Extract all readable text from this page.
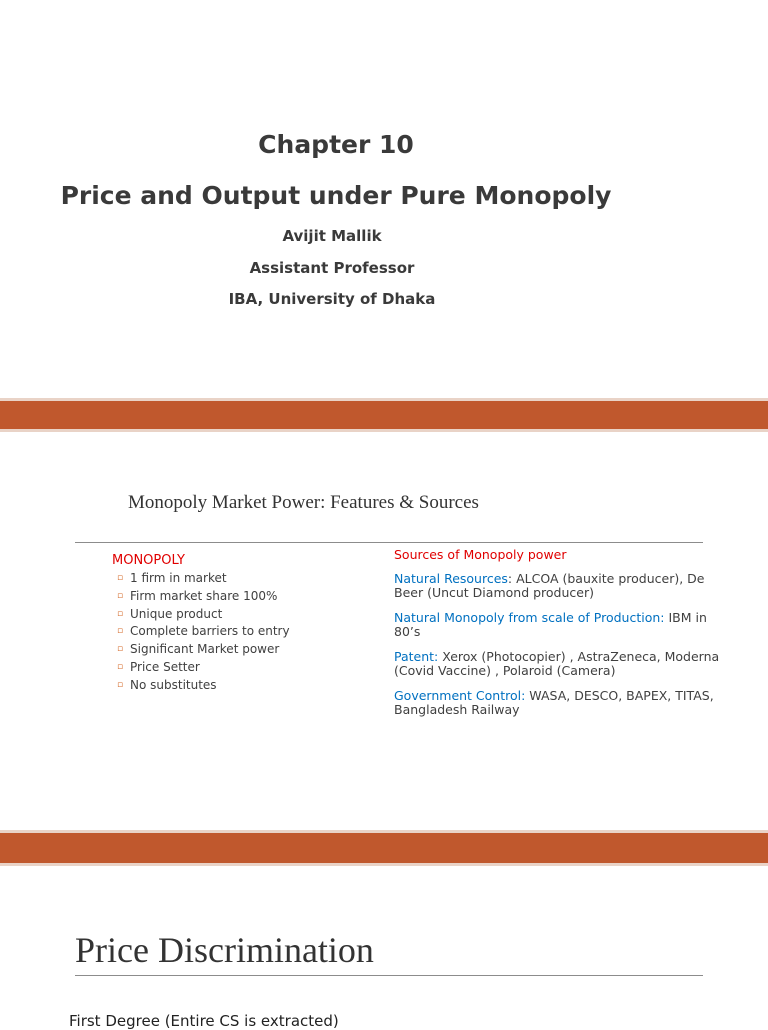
Chapter 10
Price and Output under Pure Monopoly
Avijit Mallik
Assistant Professor
IBA, University of Dhaka
Monopoly Market Power: Features & Sources
MONOPOLY
▫ 1 firm in market
▫ Firm market share 100%
▫ Unique product
▫ Complete barriers to entry
▫ Significant Market power
▫ Price Setter
▫ No substitutes
Sources of Monopoly power
Natural Resources: ALCOA (bauxite producer), De Beer (Uncut Diamond producer)
Natural Monopoly from scale of Production: IBM in 80’s
Patent: Xerox (Photocopier) , AstraZeneca, Moderna (Covid Vaccine) , Polaroid (Camera)
Government Control: WASA, DESCO, BAPEX, TITAS, Bangladesh Railway
Price Discrimination
First Degree (Entire CS is extracted)
